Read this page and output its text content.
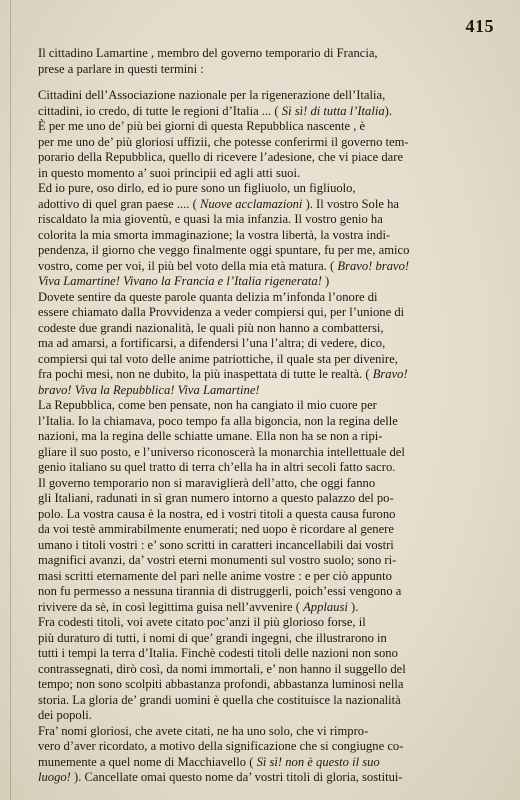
415
Il cittadino Lamartine , membro del governo temporario di Francia,
prese a parlare in questi termini :
Cittadini dell’Associazione nazionale per la rigenerazione dell’Italia,
cittadini, io credo, di tutte le regioni d’Italia ... ( Sì sì! di tutta l’Italia).
È per me uno de’ più bei giorni di questa Repubblica nascente , è
per me uno de’ più gloriosi uffizii, che potesse conferirmi il governo tem-
porario della Repubblica, quello di ricevere l’adesione, che vi piace dare
in questo momento a’ suoi principii ed agli atti suoi.
Ed io pure, oso dirlo, ed io pure sono un figliuolo, un figliuolo,
adottivo di quel gran paese .... ( Nuove acclamazioni ). Il vostro Sole ha
riscaldato la mia gioventù, e quasi la mia infanzia. Il vostro genio ha
colorita la mia smorta immaginazione; la vostra libertà, la vostra indi-
pendenza, il giorno che veggo finalmente oggi spuntare, fu per me, amico
vostro, come per voi, il più bel voto della mia età matura. ( Bravo! bravo!
Viva Lamartine! Vivano la Francia e l’Italia rigenerata! )
Dovete sentire da queste parole quanta delizia m’infonda l’onore di
essere chiamato dalla Provvidenza a veder compiersi qui, per l’unione di
codeste due grandi nazionalità, le quali più non hanno a combattersi,
ma ad amarsi, a fortificarsi, a difendersi l’una l’altra; di vedere, dico,
compiersi qui tal voto delle anime patriottiche, il quale sta per divenire,
fra pochi mesi, non ne dubito, la più inaspettata di tutte le realtà. ( Bravo!
bravo! Viva la Repubblica! Viva Lamartine!
La Repubblica, come ben pensate, non ha cangiato il mio cuore per
l’Italia. Io la chiamava, poco tempo fa alla bigoncia, non la regina delle
nazioni, ma la regina delle schiatte umane. Ella non ha se non a ripi-
gliare il suo posto, e l’universo riconoscerà la monarchia intellettuale del
genio italiano su quel tratto di terra ch’ella ha in altri secoli fatto sacro.
Il governo temporario non si maraviglierà dell’atto, che oggi fanno
gli Italiani, radunati in sì gran numero intorno a questo palazzo del po-
polo. La vostra causa è la nostra, ed i vostri titoli a questa causa furono
da voi testè ammirabilmente enumerati; ned uopo è ricordare al genere
umano i titoli vostri : e’ sono scritti in caratteri incancellabili dai vostri
magnifici avanzi, da’ vostri eterni monumenti sul vostro suolo; sono ri-
masi scritti eternamente del pari nelle anime vostre : e per ciò appunto
non fu permesso a nessuna tirannia di distruggerli, poich’essi vengono a
rivivere da sè, in così legittima guisa nell’avvenire ( Applausi ).
Fra codesti titoli, voi avete citato poc’anzi il più glorioso forse, il
più duraturo di tutti, i nomi di que’ grandi ingegni, che illustrarono in
tutti i tempi la terra d’Italia. Finchè codesti titoli delle nazioni non sono
contrassegnati, dirò così, da nomi immortali, e’ non hanno il suggello del
tempo; non sono scolpiti abbastanza profondi, abbastanza luminosi nella
storia. La gloria de’ grandi uomini è quella che costituisce la nazionalità
dei popoli.
Fra’ nomi gloriosi, che avete citati, ne ha uno solo, che vi rimpro-
vero d’aver ricordato, a motivo della significazione che si congiugne co-
munemente a quel nome di Macchiavello ( Sì sì! non è questo il suo
luogo! ). Cancellate omai questo nome da’ vostri titoli di gloria, sostitui-
